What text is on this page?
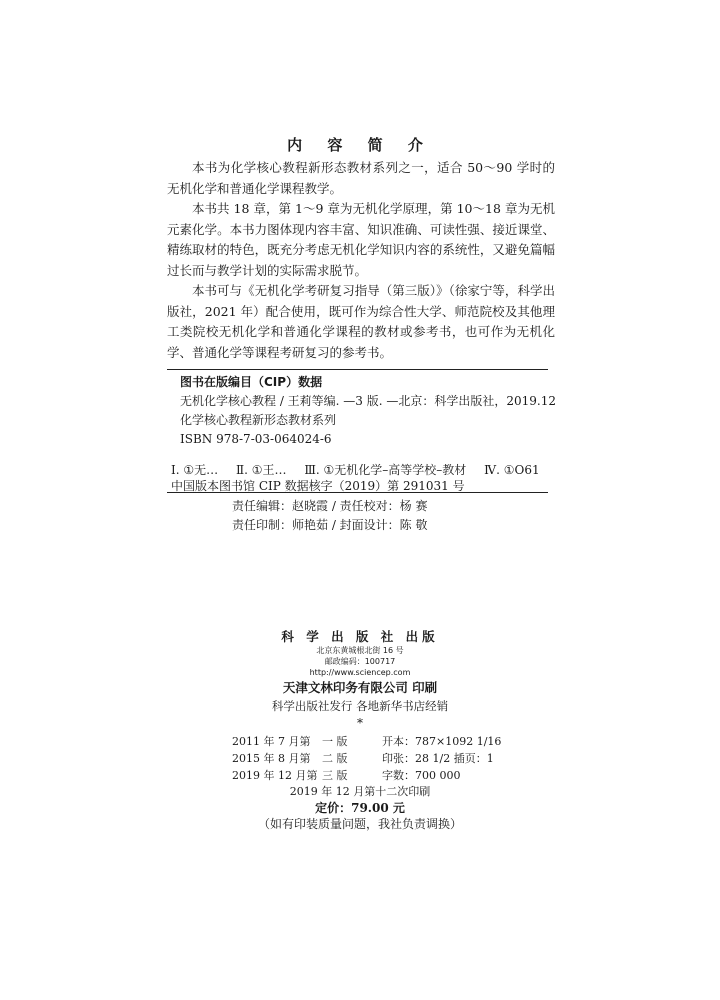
内 容 简 介

本书为化学核心教程新形态教材系列之一，适合 50～90 学时的无机化学和普通化学课程教学。

本书共 18 章，第 1～9 章为无机化学原理，第 10～18 章为无机元素化学。本书力图体现内容丰富、知识准确、可读性强、接近课堂、精练取材的特色，既充分考虑无机化学知识内容的系统性，又避免篇幅过长而与教学计划的实际需求脱节。

本书可与《无机化学考研复习指导（第三版）》（徐家宁等，科学出版社，2021 年）配合使用，既可作为综合性大学、师范院校及其他理工类院校无机化学和普通化学课程的教材或参考书，也可作为无机化学、普通化学等课程考研复习的参考书。

图书在版编目（CIP）数据
无机化学核心教程 / 王莉等编. —3 版. —北京：科学出版社，2019.12
化学核心教程新形态教材系列
ISBN 978-7-03-064024-6
Ⅰ. ①无… Ⅱ. ①王… Ⅲ. ①无机化学–高等学校–教材 Ⅳ. ①O61
中国版本图书馆 CIP 数据核字（2019）第 291031 号
责任编辑：赵晓霞 / 责任校对：杨 赛
责任印制：师艳茹 / 封面设计：陈 敬
科 学 出 版 社 出版
北京东黄城根北街 16 号
邮政编码：100717
http://www.sciencep.com
天津文林印务有限公司 印刷
科学出版社发行 各地新华书店经销
*
2011 年 7 月第 一 版	开本：787×1092 1/16
2015 年 8 月第 二 版	印张：28 1/2 插页：1
2019 年 12 月第 三 版	字数：700 000
2019 年 12 月第十二次印刷
定价：79.00 元
（如有印装质量问题，我社负责调换）
